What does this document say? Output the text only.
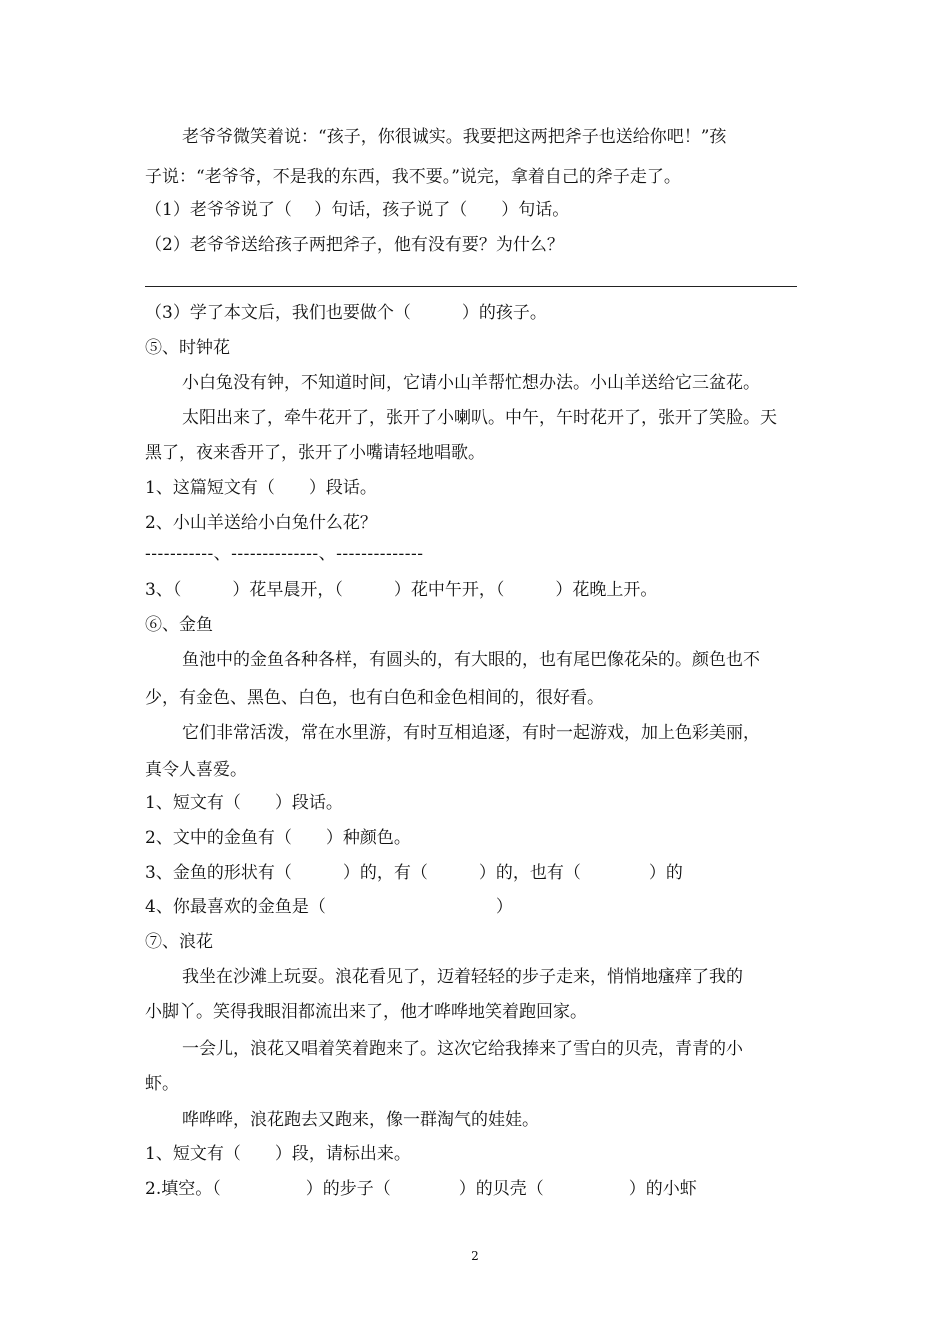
老爷爷微笑着说：“孩子，你很诚实。我要把这两把斧子也送给你吧！”孩
子说：“老爷爷，不是我的东西，我不要。”说完，拿着自己的斧子走了。
（1）老爷爷说了（　 ）句话，孩子说了（　　）句话。
（2）老爷爷送给孩子两把斧子，他有没有要？为什么？
（3）学了本文后，我们也要做个（　　　）的孩子。
⑤、时钟花
小白兔没有钟，不知道时间，它请小山羊帮忙想办法。小山羊送给它三盆花。
太阳出来了，牵牛花开了，张开了小喇叭。中午，午时花开了，张开了笑脸。天
黑了，夜来香开了，张开了小嘴请轻地唱歌。
1、这篇短文有（　　）段话。
2、小山羊送给小白兔什么花？
-----------、--------------、--------------
3、（　　　）花早晨开，（　　　）花中午开，（　　　）花晚上开。
⑥、金鱼
鱼池中的金鱼各种各样，有圆头的，有大眼的，也有尾巴像花朵的。颜色也不
少，有金色、黑色、白色，也有白色和金色相间的，很好看。
它们非常活泼，常在水里游，有时互相追逐，有时一起游戏，加上色彩美丽，
真令人喜爱。
1、短文有（　　）段话。
2、文中的金鱼有（　　）种颜色。
3、金鱼的形状有（　　　）的，有（　　　）的，也有（　　　　）的
4、你最喜欢的金鱼是（　　　　　　　　　　）
⑦、浪花
我坐在沙滩上玩耍。浪花看见了，迈着轻轻的步子走来，悄悄地瘙痒了我的
小脚丫。笑得我眼泪都流出来了，他才哗哗地笑着跑回家。
一会儿，浪花又唱着笑着跑来了。这次它给我捧来了雪白的贝壳，青青的小
虾。
哗哗哗，浪花跑去又跑来，像一群淘气的娃娃。
1、短文有（　　）段，请标出来。
2.填空。（　　　　　）的步子（　　　　）的贝壳（　　　　　）的小虾
2
